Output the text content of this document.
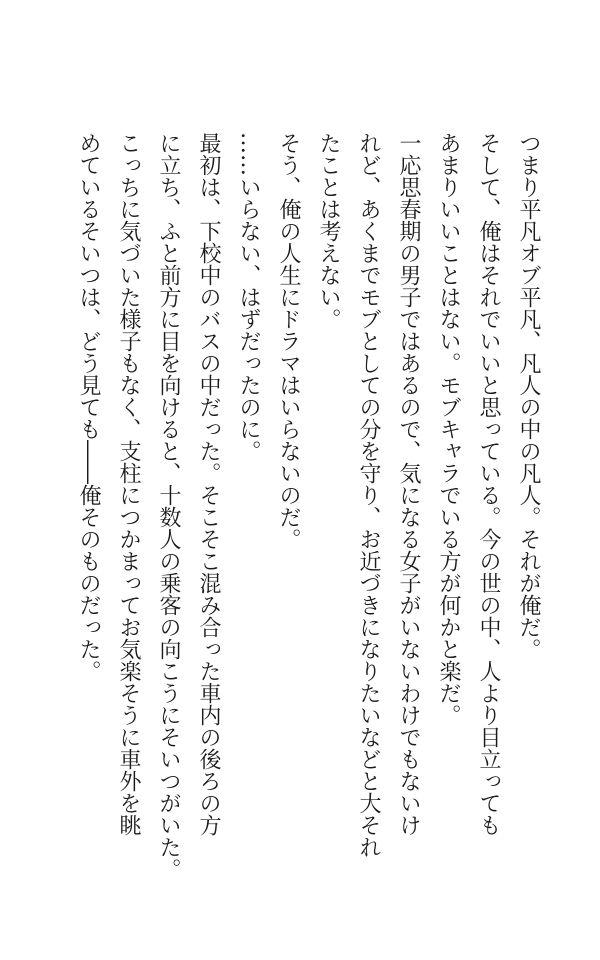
つまり平凡オブ平凡、凡人の中の凡人。それが俺だ。

そして、俺はそれでいいと思っている。今の世の中、人より目立っても

あまりいいことはない。モブキャラでいる方が何かと楽だ。

一応思春期の男子ではあるので、気になる女子がいないわけでもないけ

れど、あくまでモブとしての分を守り、お近づきになりたいなどと大それ

たことは考えない。

そう、俺の人生にドラマはいらないのだ。

……いらない、はずだったのに。

最初は、下校中のバスの中だった。そこそこ混み合った車内の後ろの方

に立ち、ふと前方に目を向けると、十数人の乗客の向こうにそいつがいた。

こっちに気づいた様子もなく、支柱につかまってお気楽そうに車外を眺

めているそいつは、どう見ても――俺そのものだった。
